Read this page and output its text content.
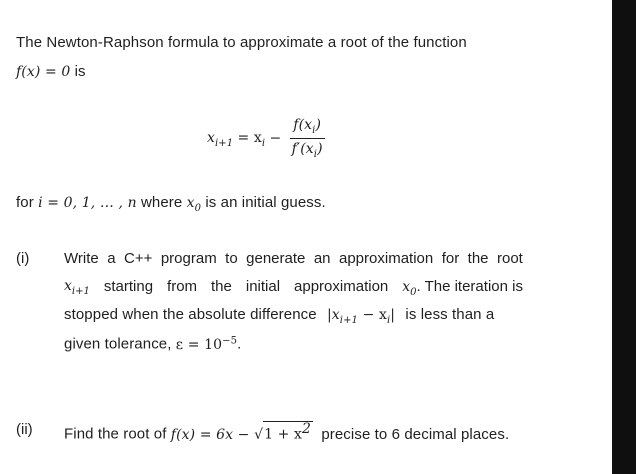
The Newton-Raphson formula to approximate a root of the function
f(x) = 0 is
$x_{i+1} = x_i - \frac{f(x_i)}{f'(x_i)}$
for i = 0, 1, … , n where $x_0$ is an initial guess.
(i) Write a C++ program to generate an approximation for the root
$x_{i+1}$ starting from the initial approximation $x_0$. The iteration is
stopped when the absolute difference $|x_{i+1} - x_i|$ is less than a
given tolerance, $\varepsilon = 10^{-5}$.
(ii) Find the root of $f(x) = 6x - √1 + x^2$ precise to 6 decimal places.
